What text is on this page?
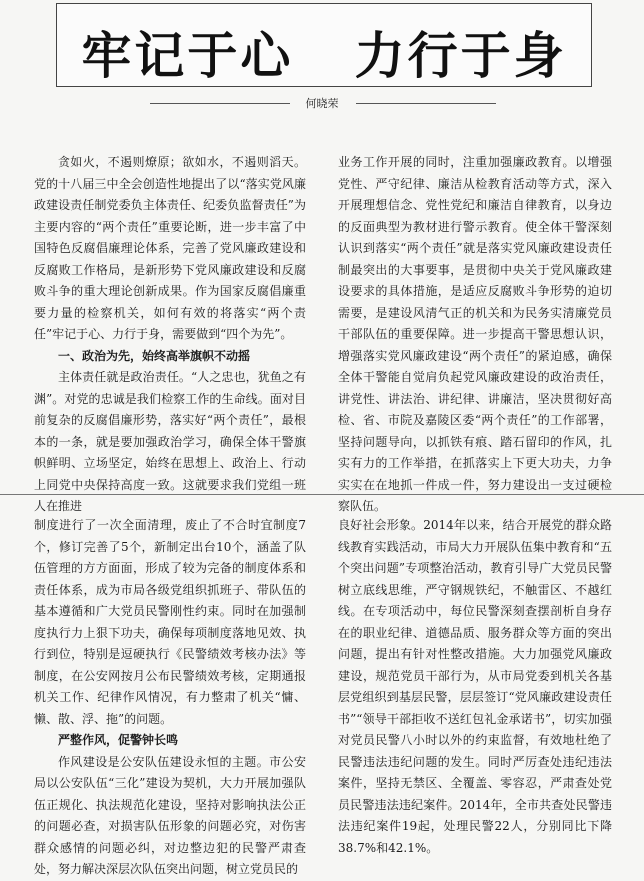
牢记于心   力行于身
何晓荣

贪如火，不遏则燎原；欲如水，不遏则滔天。党的十八届三中全会创造性地提出了以“落实党风廉政建设责任制党委负主体责任、纪委负监督责任”为主要内容的“两个责任”重要论断，进一步丰富了中国特色反腐倡廉理论体系，完善了党风廉政建设和反腐败工作格局，是新形势下党风廉政建设和反腐败斗争的重大理论创新成果。作为国家反腐倡廉重要力量的检察机关，如何有效的将落实“两个责任”牢记于心、力行于身，需要做到“四个为先”。

一、政治为先，始终高举旗帜不动摇

主体责任就是政治责任。“人之忠也，犹鱼之有渊”。对党的忠诚是我们检察工作的生命线。面对目前复杂的反腐倡廉形势，落实好“两个责任”，最根本的一条，就是要加强政治学习，确保全体干警旗帜鲜明、立场坚定，始终在思想上、政治上、行动上同党中央保持高度一致。这就要求我们党组一班人在推进

业务工作开展的同时，注重加强廉政教育。以增强党性、严守纪律、廉洁从检教育活动等方式，深入开展理想信念、党性党纪和廉洁自律教育，以身边的反面典型为教材进行警示教育。使全体干警深刻认识到落实“两个责任”就是落实党风廉政建设责任制最突出的大事要事，是贯彻中央关于党风廉政建设要求的具体措施，是适应反腐败斗争形势的迫切需要，是建设风清气正的机关和为民务实清廉党员干部队伍的重要保障。进一步提高干警思想认识，增强落实党风廉政建设“两个责任”的紧迫感，确保全体干警能自觉肩负起党风廉政建设的政治责任，讲党性、讲法治、讲纪律、讲廉洁，坚决贯彻好高检、省、市院及嘉陵区委“两个责任”的工作部署，坚持问题导向，以抓铁有痕、踏石留印的作风，扎实有力的工作举措，在抓落实上下更大功夫，力争实实在在地抓一件成一件，努力建设出一支过硬检察队伍。

制度进行了一次全面清理，废止了不合时宜制度7个，修订完善了5个，新制定出台10个，涵盖了队伍管理的方方面面，形成了较为完备的制度体系和责任体系，成为市局各级党组织抓班子、带队伍的基本遵循和广大党员民警刚性约束。同时在加强制度执行力上狠下功夫，确保每项制度落地见效、执行到位，特别是逗硬执行《民警绩效考核办法》等制度，在公安网按月公布民警绩效考核，定期通报机关工作、纪律作风情况，有力整肃了机关“慵、懒、散、浮、拖”的问题。

严整作风，促警钟长鸣

作风建设是公安队伍建设永恒的主题。市公安局以公安队伍“三化”建设为契机，大力开展加强队伍正规化、执法规范化建设，坚持对影响执法公正的问题必查，对损害队伍形象的问题必究，对伤害群众感情的问题必纠，对边整边犯的民警严肃查处，努力解决深层次队伍突出问题，树立党员民的

良好社会形象。2014年以来，结合开展党的群众路线教育实践活动，市局大力开展队伍集中教育和“五个突出问题”专项整治活动，教育引导广大党员民警树立底线思维，严守钢规铁纪，不触雷区、不越红线。在专项活动中，每位民警深刻查摆剖析自身存在的职业纪律、道德品质、服务群众等方面的突出问题，提出有针对性整改措施。大力加强党风廉政建设，规范党员干部行为，从市局党委到机关各基层党组织到基层民警，层层签订“党风廉政建设责任书”“领导干部拒收不送红包礼金承诺书”，切实加强对党员民警八小时以外的约束监督，有效地杜绝了民警违法违纪问题的发生。同时严厉查处违纪违法案件，坚持无禁区、全覆盖、零容忍，严肃查处党员民警违法违纪案件。2014年，全市共查处民警违法违纪案件19起，处理民警22人，分别同比下降38.7%和42.1%。
